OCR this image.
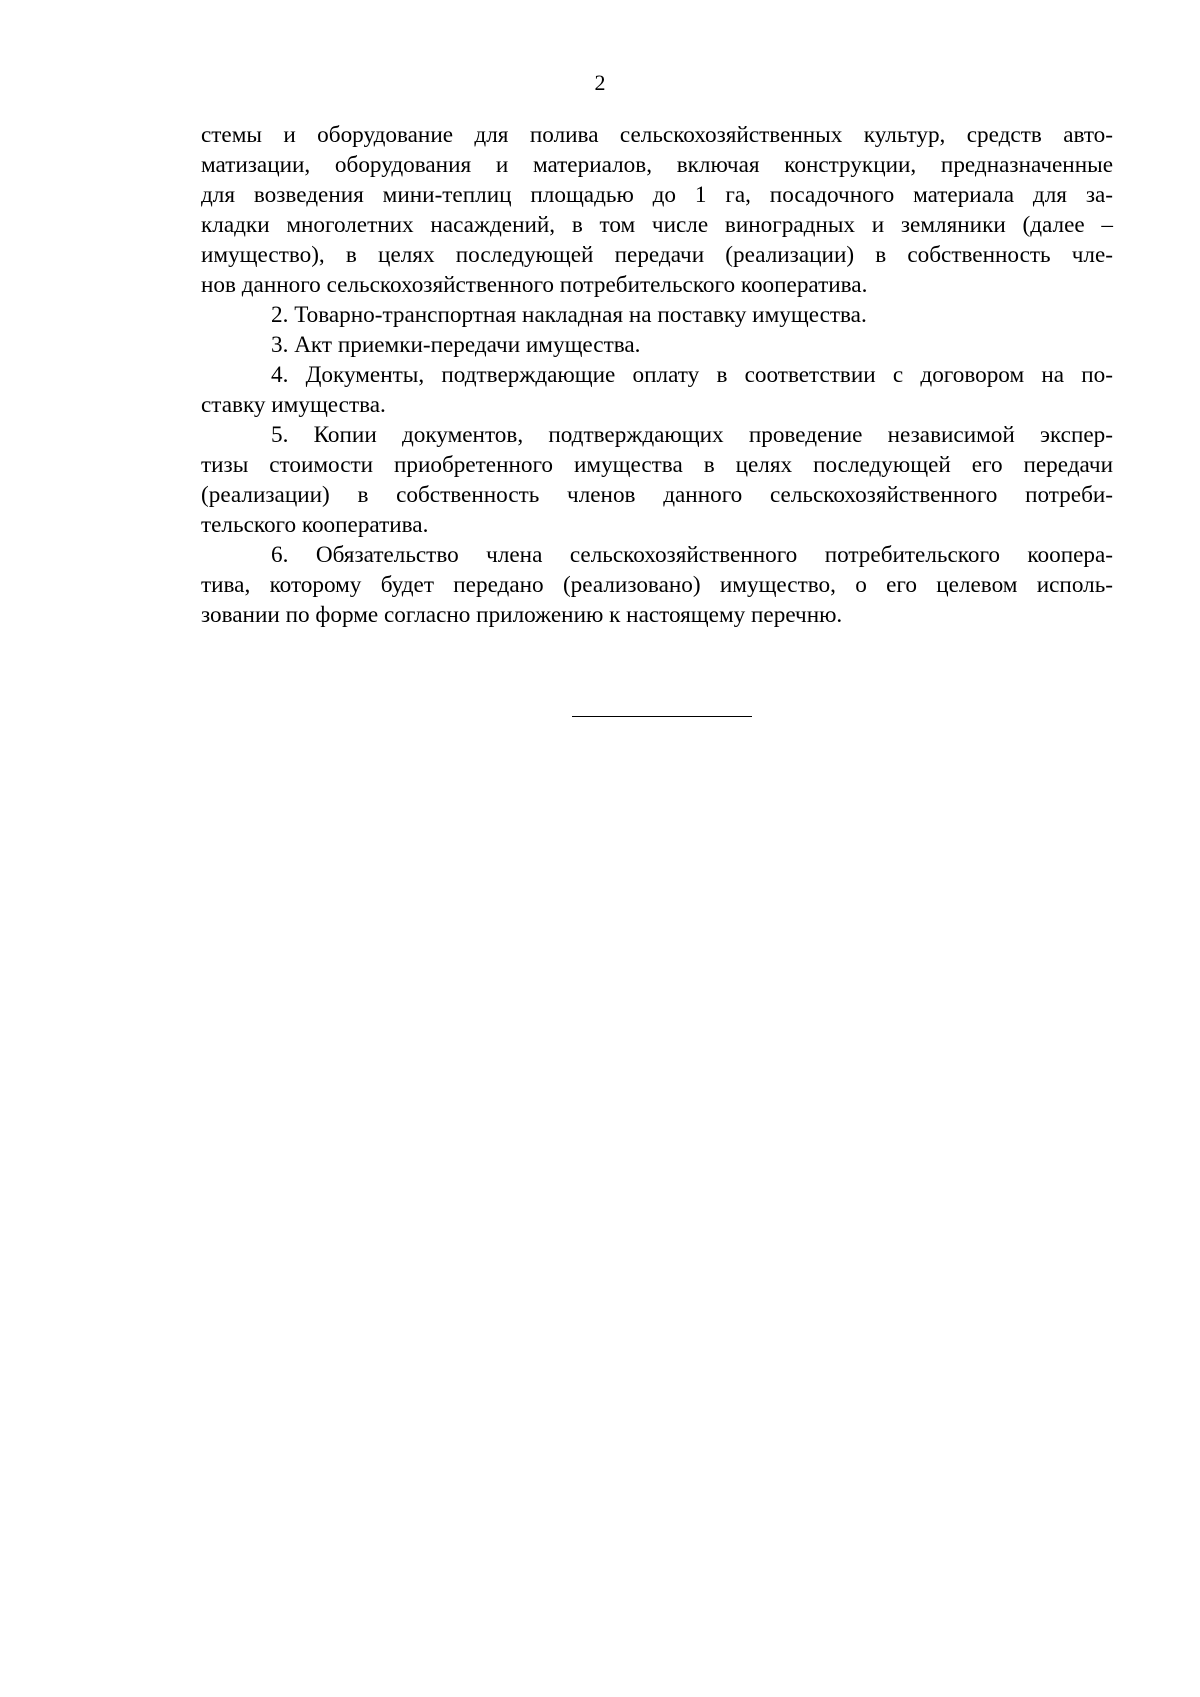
2
стемы и оборудование для полива сельскохозяйственных культур, средств авто-
матизации, оборудования и материалов, включая конструкции, предназначенные
для возведения мини-теплиц площадью до 1 га, посадочного материала для за-
кладки многолетних насаждений, в том числе виноградных и земляники (далее –
имущество), в целях последующей передачи (реализации) в собственность чле-
нов данного сельскохозяйственного потребительского кооператива.
2. Товарно-транспортная накладная на поставку имущества.
3. Акт приемки-передачи имущества.
4. Документы, подтверждающие оплату в соответствии с договором на по-
ставку имущества.
5. Копии документов, подтверждающих проведение независимой экспер-
тизы стоимости приобретенного имущества в целях последующей его передачи
(реализации) в собственность членов данного сельскохозяйственного потреби-
тельского кооператива.
6. Обязательство члена сельскохозяйственного потребительского коопера-
тива, которому будет передано (реализовано) имущество, о его целевом исполь-
зовании по форме согласно приложению к настоящему перечню.
